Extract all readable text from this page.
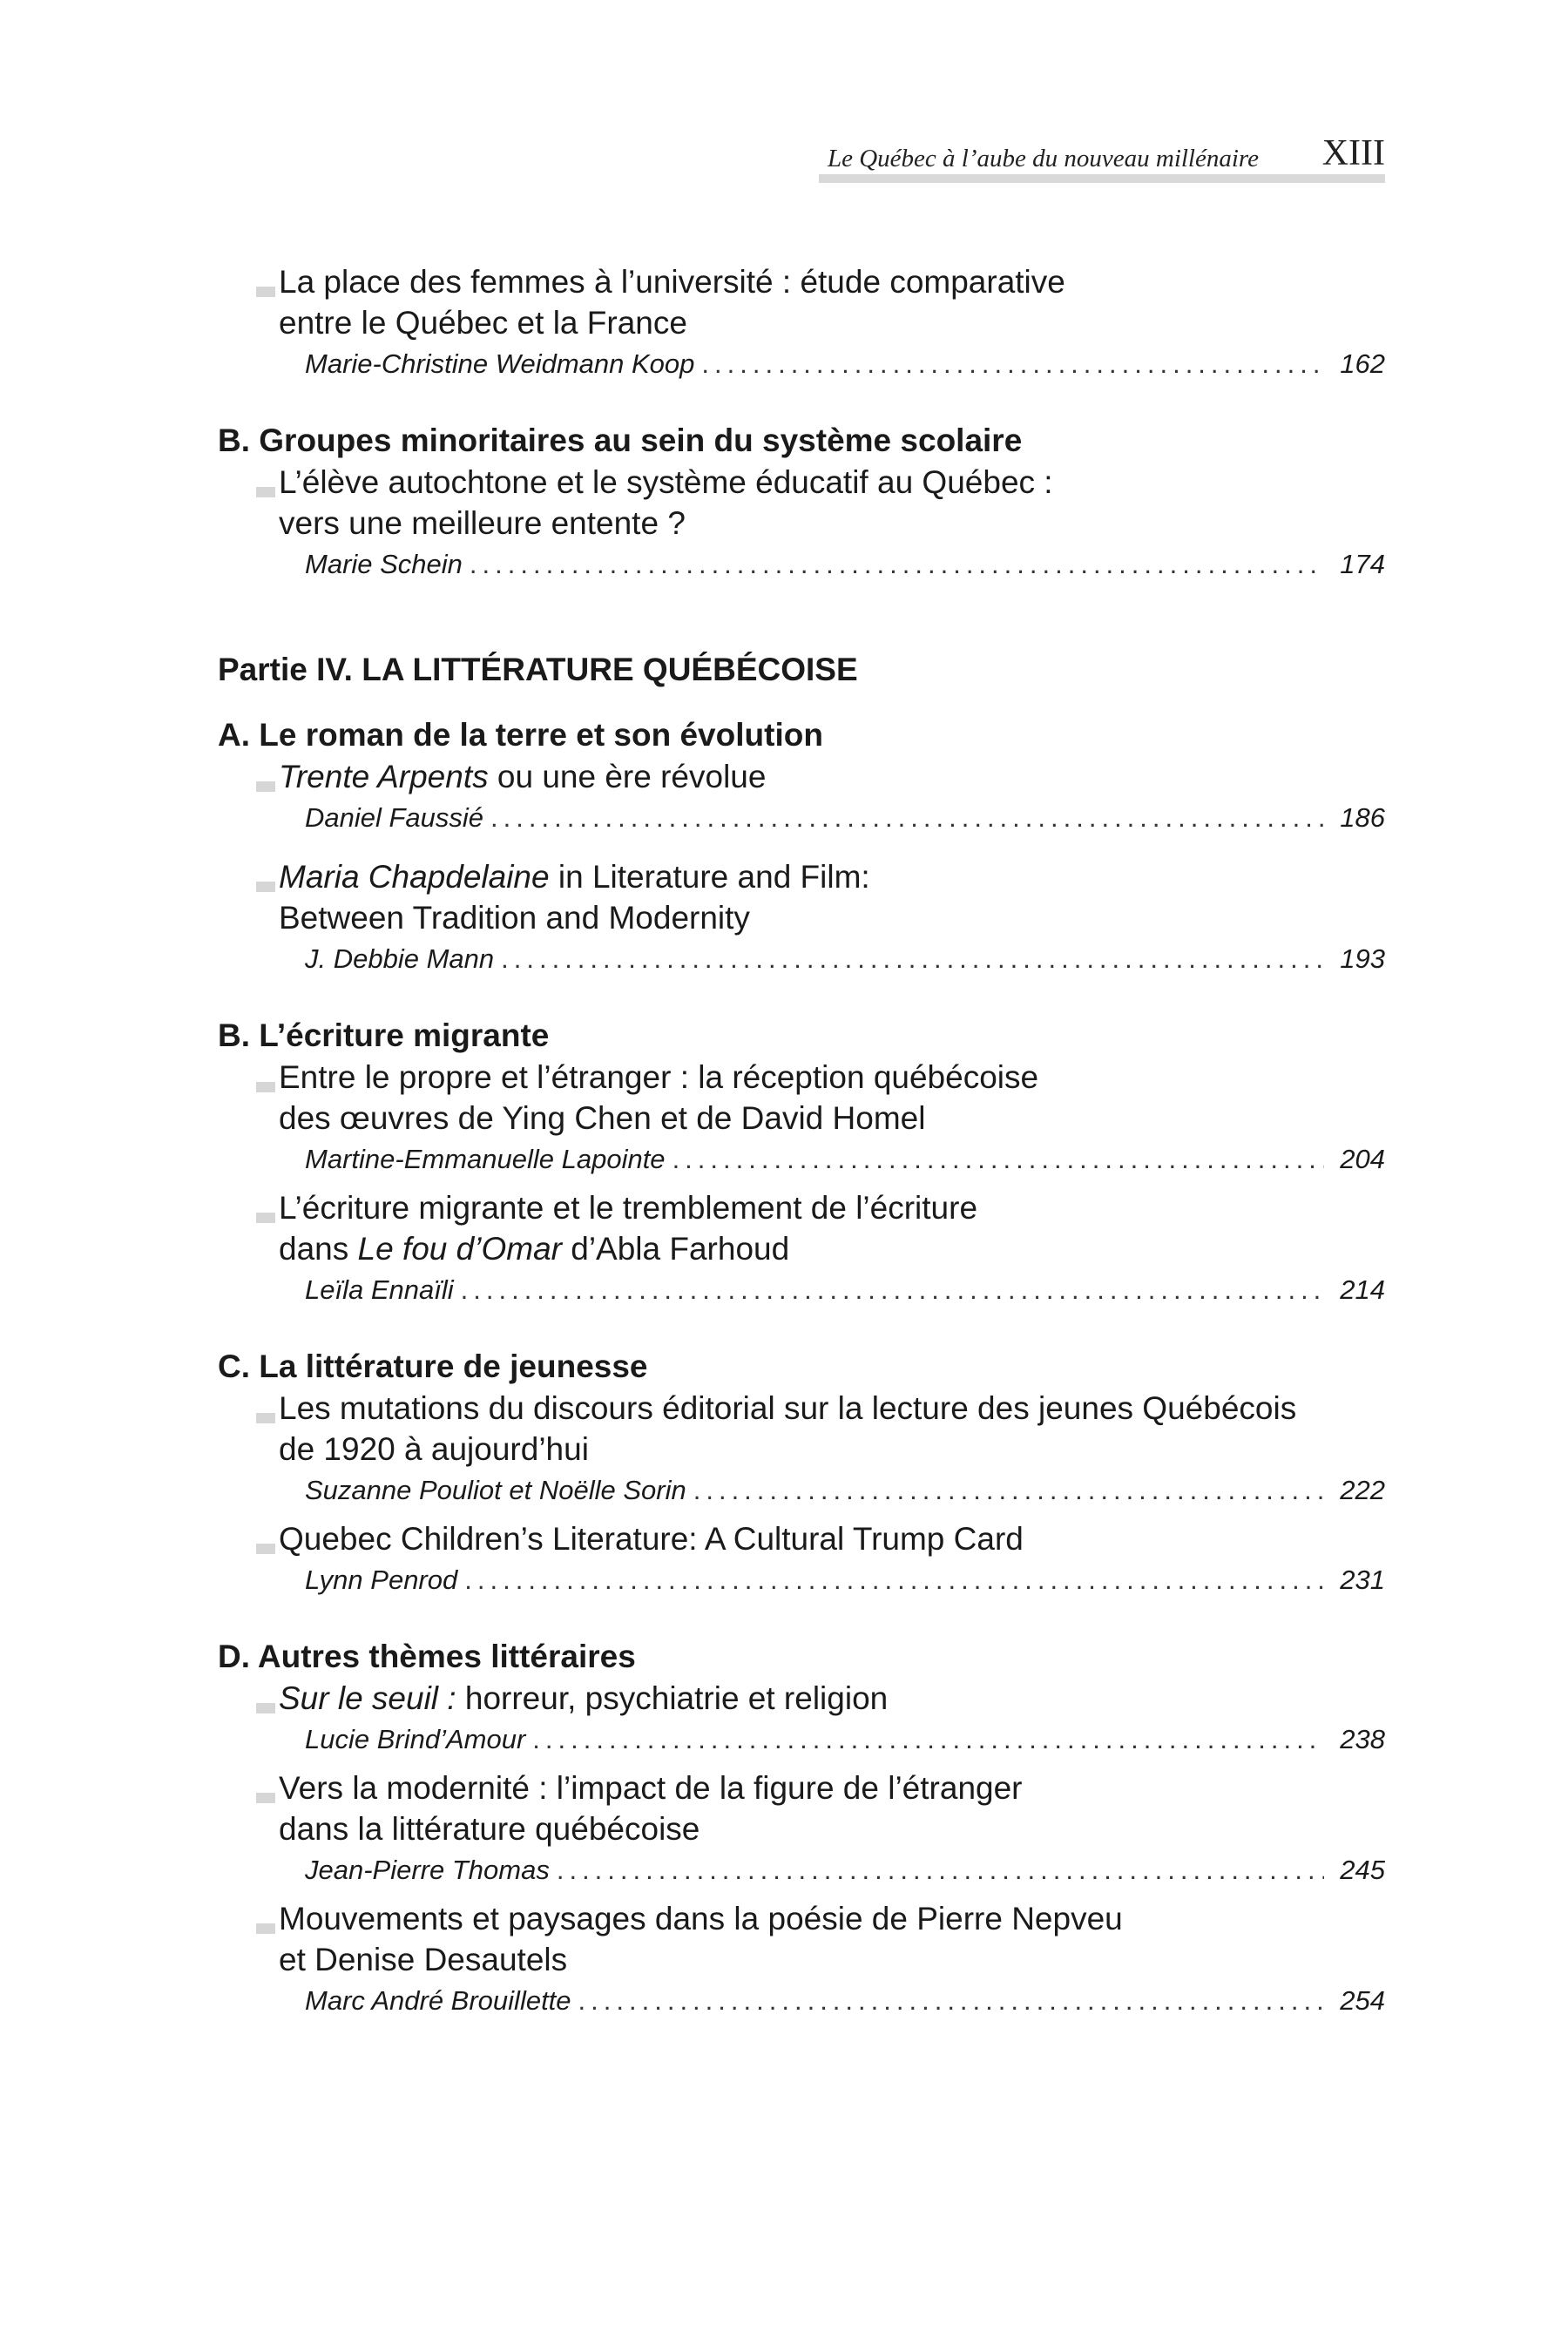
Le Québec à l’aube du nouveau millénaire XIII
La place des femmes à l’université : étude comparative
entre le Québec et la France
Marie-Christine Weidmann Koop .....	162
B. Groupes minoritaires au sein du système scolaire
L’élève autochtone et le système éducatif au Québec :
vers une meilleure entente ?
Marie Schein .....	174
Partie IV. LA LITTÉRATURE QUÉBÉCOISE
A. Le roman de la terre et son évolution
Trente Arpents ou une ère révolue
Daniel Faussié .....	186
Maria Chapdelaine in Literature and Film:
Between Tradition and Modernity
J. Debbie Mann .....	193
B. L’écriture migrante
Entre le propre et l’étranger : la réception québécoise
des œuvres de Ying Chen et de David Homel
Martine-Emmanuelle Lapointe .....	204
L’écriture migrante et le tremblement de l’écriture
dans Le fou d’Omar d’Abla Farhoud
Leïla Ennaïli .....	214
C. La littérature de jeunesse
Les mutations du discours éditorial sur la lecture des jeunes Québécois
de 1920 à aujourd’hui
Suzanne Pouliot et Noëlle Sorin .....	222
Quebec Children’s Literature: A Cultural Trump Card
Lynn Penrod .....	231
D. Autres thèmes littéraires
Sur le seuil : horreur, psychiatrie et religion
Lucie Brind’Amour .....	238
Vers la modernité : l’impact de la figure de l’étranger
dans la littérature québécoise
Jean-Pierre Thomas .....	245
Mouvements et paysages dans la poésie de Pierre Nepveu
et Denise Desautels
Marc André Brouillette .....	254
